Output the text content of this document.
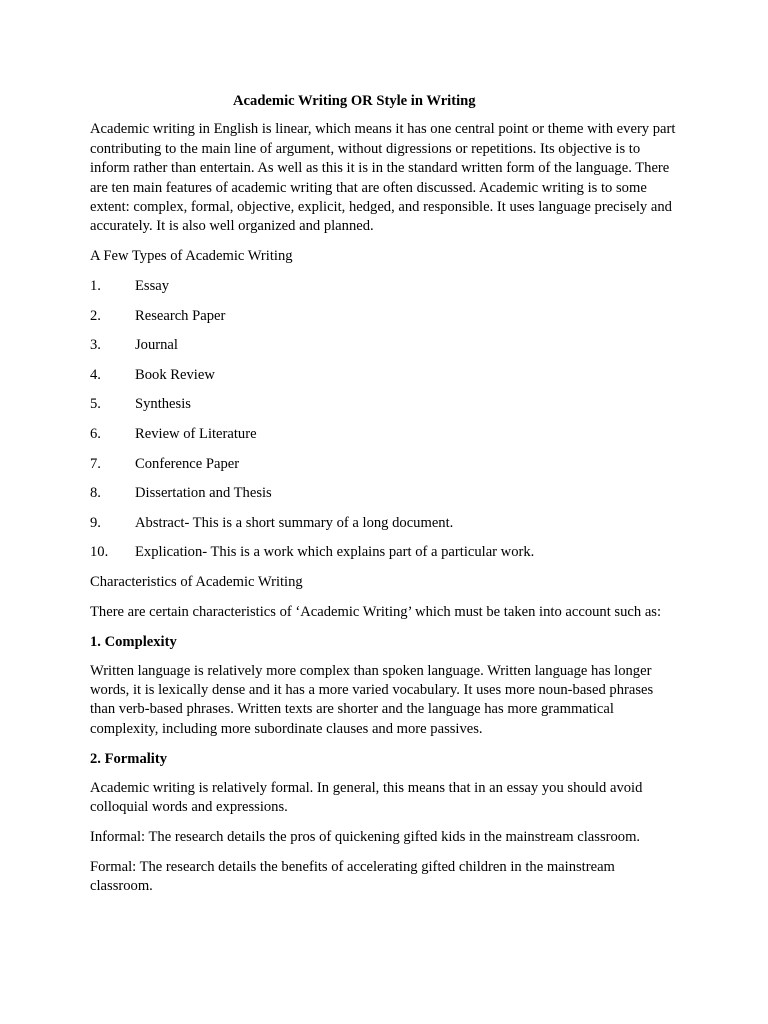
Academic Writing OR Style in Writing

Academic writing in English is linear, which means it has one central point or theme with every part contributing to the main line of argument, without digressions or repetitions. Its objective is to inform rather than entertain. As well as this it is in the standard written form of the language. There are ten main features of academic writing that are often discussed. Academic writing is to some extent: complex, formal, objective, explicit, hedged, and responsible. It uses language precisely and accurately. It is also well organized and planned.

A Few Types of Academic Writing

1.	Essay
2.	Research Paper
3.	Journal
4.	Book Review
5.	Synthesis
6.	Review of Literature
7.	Conference Paper
8.	Dissertation and Thesis
9.	Abstract- This is a short summary of a long document.
10.	Explication- This is a work which explains part of a particular work.

Characteristics of Academic Writing

There are certain characteristics of ‘Academic Writing’ which must be taken into account such as:

1. Complexity

Written language is relatively more complex than spoken language. Written language has longer words, it is lexically dense and it has a more varied vocabulary. It uses more noun-based phrases than verb-based phrases. Written texts are shorter and the language has more grammatical complexity, including more subordinate clauses and more passives.

2. Formality

Academic writing is relatively formal. In general, this means that in an essay you should avoid colloquial words and expressions.

Informal: The research details the pros of quickening gifted kids in the mainstream classroom.

Formal: The research details the benefits of accelerating gifted children in the mainstream classroom.
